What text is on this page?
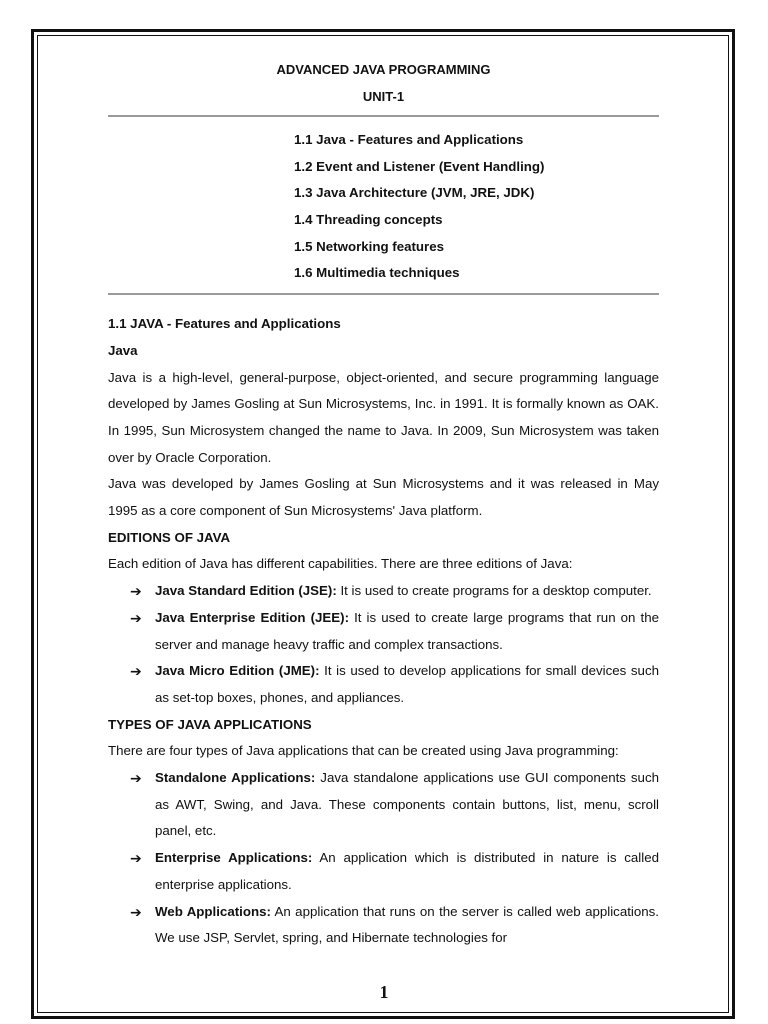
ADVANCED JAVA PROGRAMMING
UNIT-1
1.1 Java - Features and Applications
1.2 Event and Listener (Event Handling)
1.3 Java Architecture (JVM, JRE, JDK)
1.4 Threading concepts
1.5 Networking features
1.6 Multimedia techniques
1.1 JAVA - Features and Applications
Java

Java is a high-level, general-purpose, object-oriented, and secure programming language developed by James Gosling at Sun Microsystems, Inc. in 1991. It is formally known as OAK. In 1995, Sun Microsystem changed the name to Java. In 2009, Sun Microsystem was taken over by Oracle Corporation.

Java was developed by James Gosling at Sun Microsystems and it was released in May 1995 as a core component of Sun Microsystems' Java platform.

EDITIONS OF JAVA

Each edition of Java has different capabilities. There are three editions of Java:

➔ Java Standard Edition (JSE): It is used to create programs for a desktop computer.
➔ Java Enterprise Edition (JEE): It is used to create large programs that run on the server and manage heavy traffic and complex transactions.
➔ Java Micro Edition (JME): It is used to develop applications for small devices such as set-top boxes, phones, and appliances.
TYPES OF JAVA APPLICATIONS

There are four types of Java applications that can be created using Java programming:

➔ Standalone Applications: Java standalone applications use GUI components such as AWT, Swing, and Java. These components contain buttons, list, menu, scroll panel, etc.
➔ Enterprise Applications: An application which is distributed in nature is called enterprise applications.
➔ Web Applications: An application that runs on the server is called web applications. We use JSP, Servlet, spring, and Hibernate technologies for
1
